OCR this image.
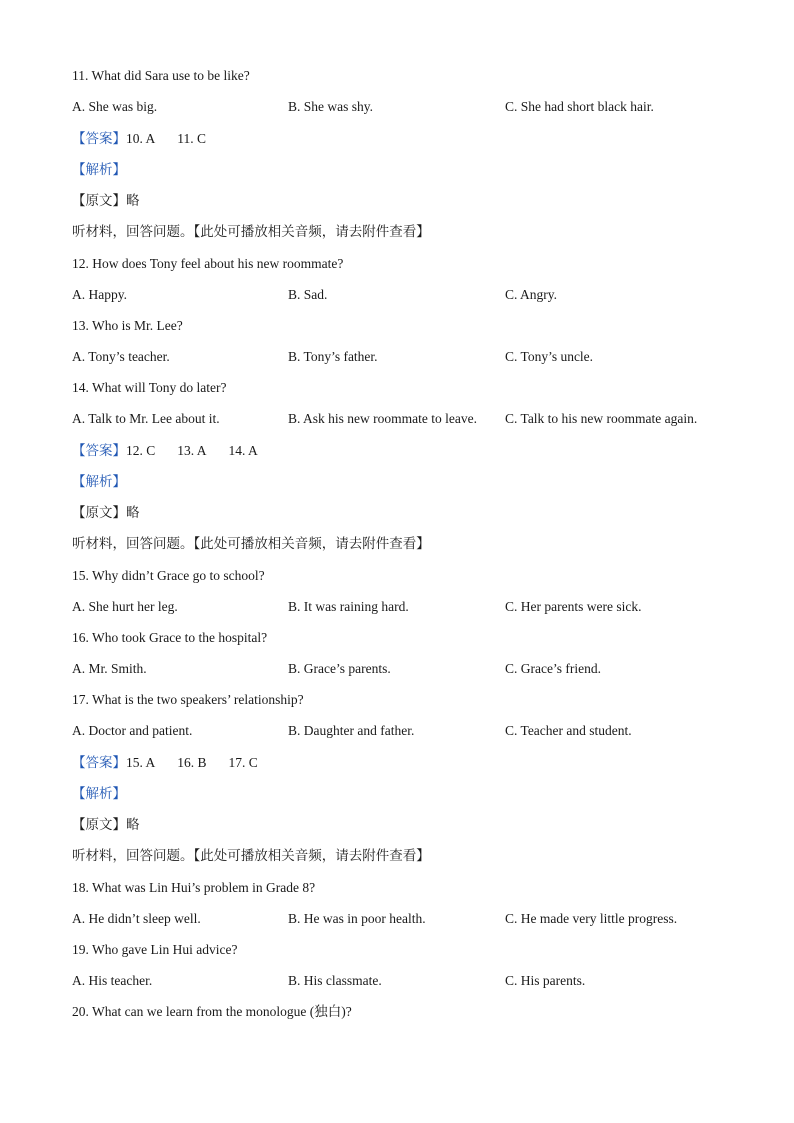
11. What did Sara use to be like?
A. She was big.	B. She was shy.	C. She had short black hair.
【答案】10. A 11. C
【解析】
【原文】略
听材料，回答问题。【此处可播放相关音频，请去附件查看】
12. How does Tony feel about his new roommate?
A. Happy.	B. Sad.	C. Angry.
13. Who is Mr. Lee?
A. Tony’s teacher.	B. Tony’s father.	C. Tony’s uncle.
14. What will Tony do later?
A. Talk to Mr. Lee about it.	B. Ask his new roommate to leave. C. Talk to his new roommate again.
【答案】12. C 13. A 14. A
【解析】
【原文】略
听材料，回答问题。【此处可播放相关音频，请去附件查看】
15. Why didn’t Grace go to school?
A. She hurt her leg.	B. It was raining hard.	C. Her parents were sick.
16. Who took Grace to the hospital?
A. Mr. Smith.	B. Grace’s parents.	C. Grace’s friend.
17. What is the two speakers’ relationship?
A. Doctor and patient.	B. Daughter and father.	C. Teacher and student.
【答案】15. A 16. B 17. C
【解析】
【原文】略
听材料，回答问题。【此处可播放相关音频，请去附件查看】
18. What was Lin Hui’s problem in Grade 8?
A. He didn’t sleep well.	B. He was in poor health.	C. He made very little progress.
19. Who gave Lin Hui advice?
A. His teacher.	B. His classmate.	C. His parents.
20. What can we learn from the monologue (独白)?
